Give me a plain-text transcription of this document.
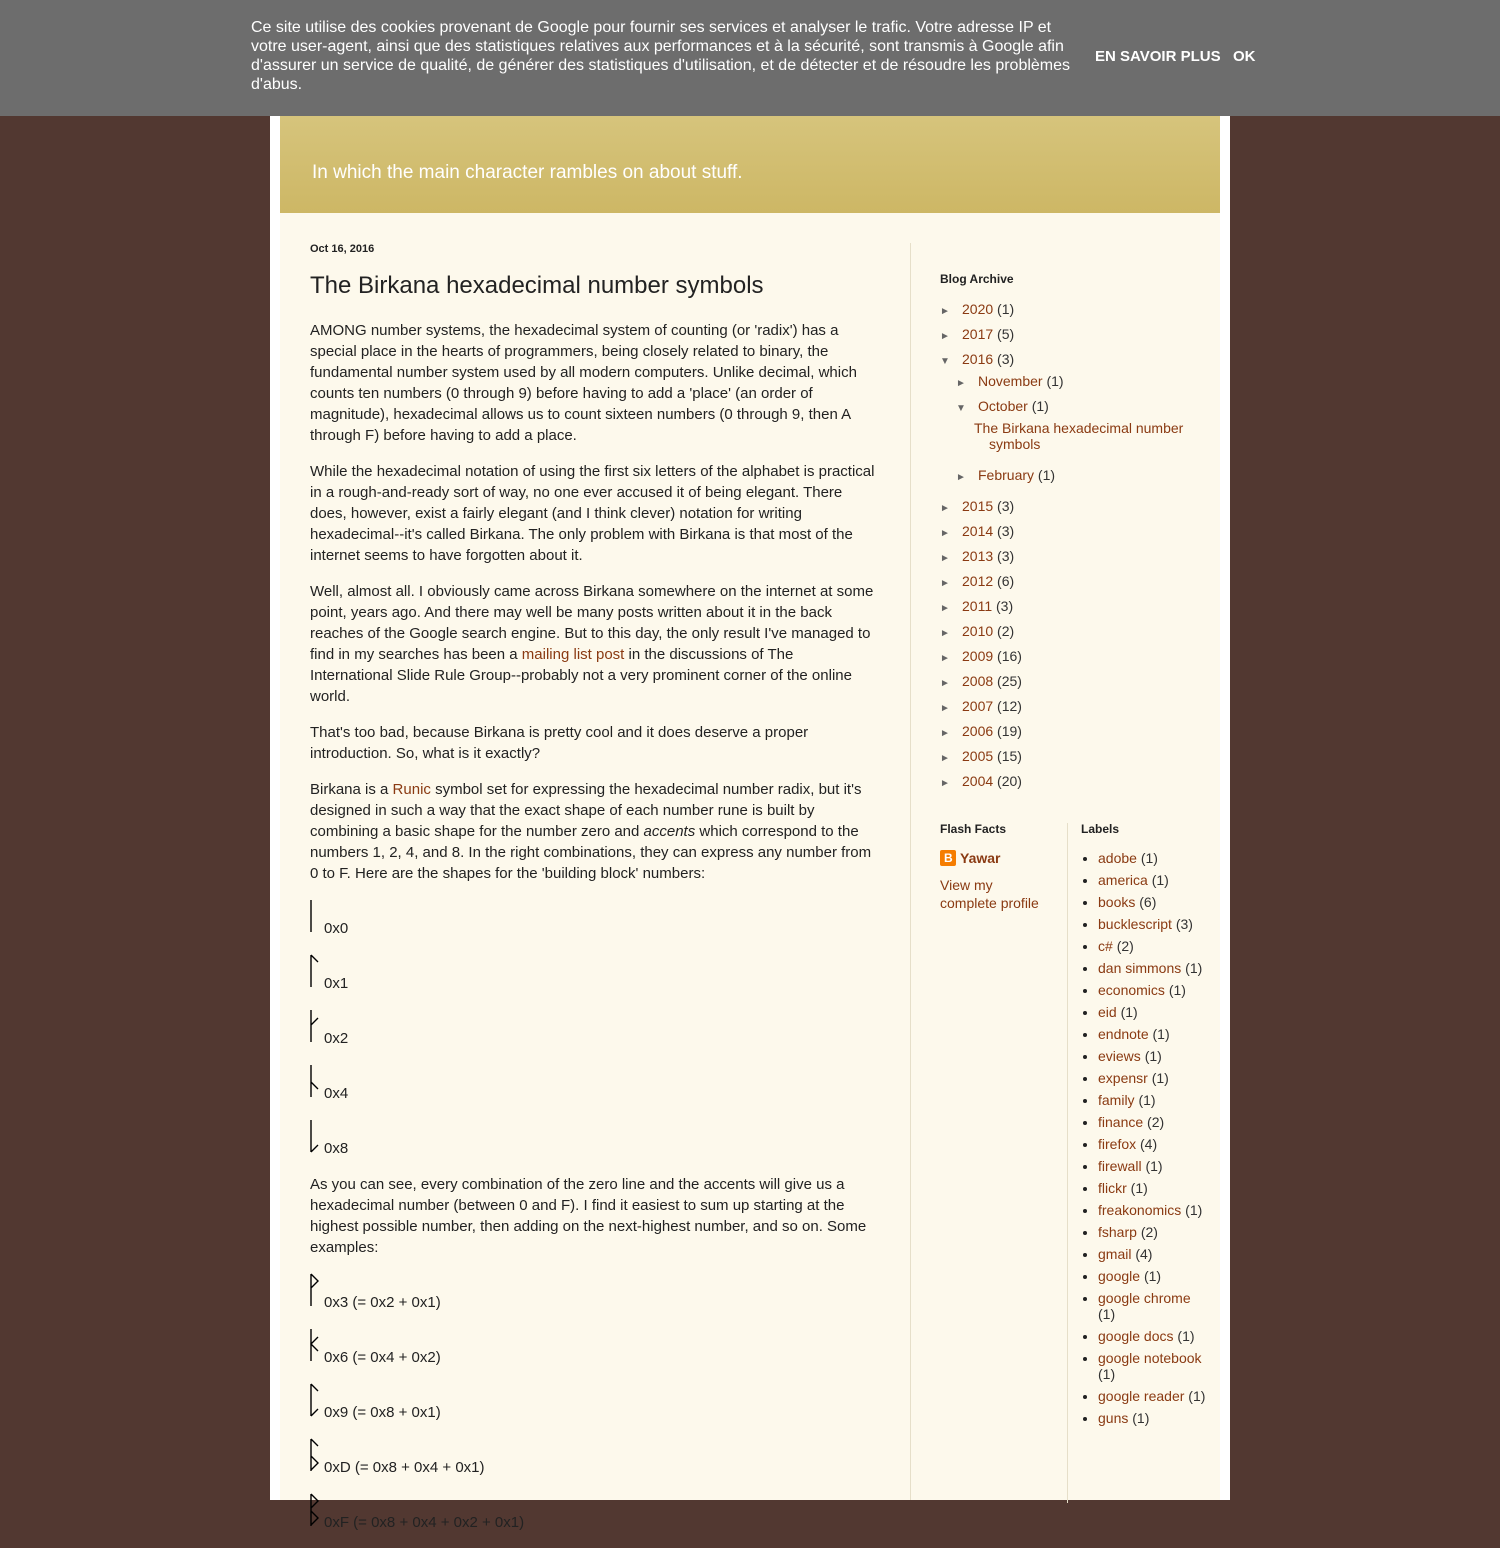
Ce site utilise des cookies provenant de Google pour fournir ses services et analyser le trafic. Votre adresse IP et votre user-agent, ainsi que des statistiques relatives aux performances et à la sécurité, sont transmis à Google afin d'assurer un service de qualité, de générer des statistiques d'utilisation, et de détecter et de résoudre les problèmes d'abus.
EN SAVOIR PLUS OK
In which the main character rambles on about stuff.
Oct 16, 2016
The Birkana hexadecimal number symbols

AMONG number systems, the hexadecimal system of counting (or 'radix') has a special place in the hearts of programmers, being closely related to binary, the fundamental number system used by all modern computers. Unlike decimal, which counts ten numbers (0 through 9) before having to add a 'place' (an order of magnitude), hexadecimal allows us to count sixteen numbers (0 through 9, then A through F) before having to add a place.

While the hexadecimal notation of using the first six letters of the alphabet is practical in a rough-and-ready sort of way, no one ever accused it of being elegant. There does, however, exist a fairly elegant (and I think clever) notation for writing hexadecimal--it's called Birkana. The only problem with Birkana is that most of the internet seems to have forgotten about it.

Well, almost all. I obviously came across Birkana somewhere on the internet at some point, years ago. And there may well be many posts written about it in the back reaches of the Google search engine. But to this day, the only result I've managed to find in my searches has been a mailing list post in the discussions of The International Slide Rule Group--probably not a very prominent corner of the online world.

That's too bad, because Birkana is pretty cool and it does deserve a proper introduction. So, what is it exactly?

Birkana is a Runic symbol set for expressing the hexadecimal number radix, but it's designed in such a way that the exact shape of each number rune is built by combining a basic shape for the number zero and accents which correspond to the numbers 1, 2, 4, and 8. In the right combinations, they can express any number from 0 to F. Here are the shapes for the 'building block' numbers:

0x0
0x1
0x2
0x4
0x8

As you can see, every combination of the zero line and the accents will give us a hexadecimal number (between 0 and F). I find it easiest to sum up starting at the highest possible number, then adding on the next-highest number, and so on. Some examples:

0x3 (= 0x2 + 0x1)
0x6 (= 0x4 + 0x2)
0x9 (= 0x8 + 0x1)
0xD (= 0x8 + 0x4 + 0x1)
0xF (= 0x8 + 0x4 + 0x2 + 0x1)
Blog Archive
► 2020 (1)
► 2017 (5)
▼ 2016 (3)
► November (1)
▼ October (1)
The Birkana hexadecimal number
symbols
► February (1)
► 2015 (3)
► 2014 (3)
► 2013 (3)
► 2012 (6)
► 2011 (3)
► 2010 (2)
► 2009 (16)
► 2008 (25)
► 2007 (12)
► 2006 (19)
► 2005 (15)
► 2004 (20)
Flash Facts
B Yawar
View my complete profile
Labels
• adobe (1)
• america (1)
• books (6)
• bucklescript (3)
• c# (2)
• dan simmons (1)
• economics (1)
• eid (1)
• endnote (1)
• eviews (1)
• expensr (1)
• family (1)
• finance (2)
• firefox (4)
• firewall (1)
• flickr (1)
• freakonomics (1)
• fsharp (2)
• gmail (4)
• google (1)
• google chrome (1)
• google docs (1)
• google notebook (1)
• google reader (1)
• guns (1)
